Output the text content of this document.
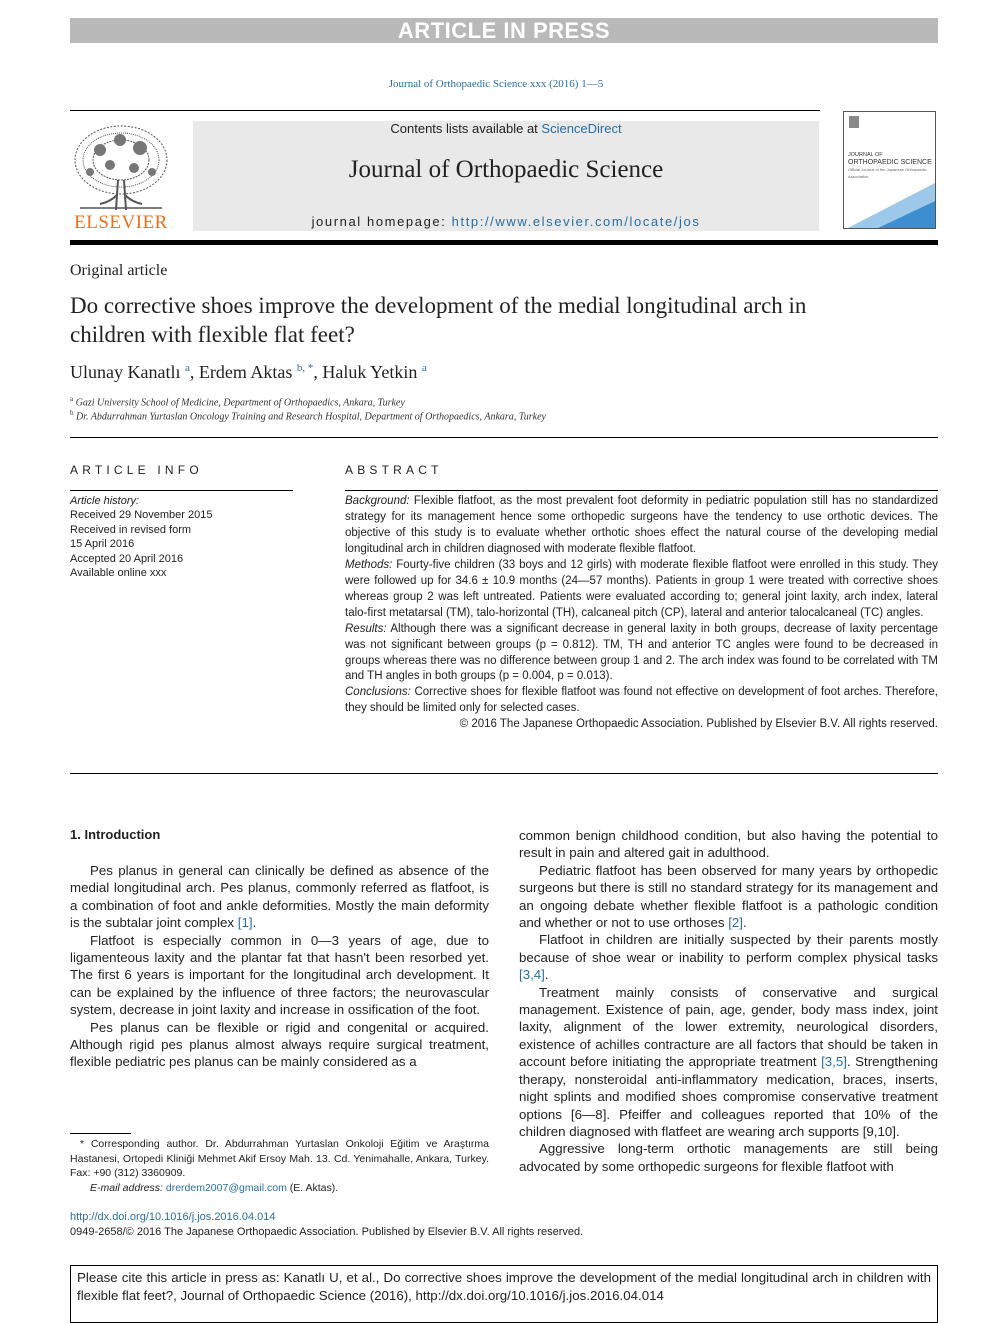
ARTICLE IN PRESS
Journal of Orthopaedic Science xxx (2016) 1—5
ELSEVIER
Contents lists available at ScienceDirect
Journal of Orthopaedic Science
journal homepage: http://www.elsevier.com/locate/jos
JOURNAL OF
ORTHOPAEDIC SCIENCE
Official Journal of the Japanese Orthopaedic Association
Original article
Do corrective shoes improve the development of the medial longitudinal arch in children with flexible flat feet?
Ulunay Kanatlı $^a$, Erdem Aktas $^{b, *}$, Haluk Yetkin $^a$
$^a$ Gazi University School of Medicine, Department of Orthopaedics, Ankara, Turkey
$^b$ Dr. Abdurrahman Yurtaslan Oncology Training and Research Hospital, Department of Orthopaedics, Ankara, Turkey
ARTICLE INFO
Article history:
Received 29 November 2015
Received in revised form
15 April 2016
Accepted 20 April 2016
Available online xxx
ABSTRACT

Background: Flexible flatfoot, as the most prevalent foot deformity in pediatric population still has no standardized strategy for its management hence some orthopedic surgeons have the tendency to use orthotic devices. The objective of this study is to evaluate whether orthotic shoes effect the natural course of the developing medial longitudinal arch in children diagnosed with moderate flexible flatfoot.

Methods: Fourty-five children (33 boys and 12 girls) with moderate flexible flatfoot were enrolled in this study. They were followed up for 34.6 ± 10.9 months (24—57 months). Patients in group 1 were treated with corrective shoes whereas group 2 was left untreated. Patients were evaluated according to; general joint laxity, arch index, lateral talo-first metatarsal (TM), talo-horizontal (TH), calcaneal pitch (CP), lateral and anterior talocalcaneal (TC) angles.

Results: Although there was a significant decrease in general laxity in both groups, decrease of laxity percentage was not significant between groups (p = 0.812). TM, TH and anterior TC angles were found to be decreased in groups whereas there was no difference between group 1 and 2. The arch index was found to be correlated with TM and TH angles in both groups (p = 0.004, p = 0.013).

Conclusions: Corrective shoes for flexible flatfoot was found not effective on development of foot arches. Therefore, they should be limited only for selected cases.

© 2016 The Japanese Orthopaedic Association. Published by Elsevier B.V. All rights reserved.

1. Introduction

Pes planus in general can clinically be defined as absence of the medial longitudinal arch. Pes planus, commonly referred as flatfoot, is a combination of foot and ankle deformities. Mostly the main deformity is the subtalar joint complex [1].

Flatfoot is especially common in 0—3 years of age, due to ligamenteous laxity and the plantar fat that hasn't been resorbed yet. The first 6 years is important for the longitudinal arch development. It can be explained by the influence of three factors; the neurovascular system, decrease in joint laxity and increase in ossification of the foot.

Pes planus can be flexible or rigid and congenital or acquired. Although rigid pes planus almost always require surgical treatment, flexible pediatric pes planus can be mainly considered as a

common benign childhood condition, but also having the potential to result in pain and altered gait in adulthood.

Pediatric flatfoot has been observed for many years by orthopedic surgeons but there is still no standard strategy for its management and an ongoing debate whether flexible flatfoot is a pathologic condition and whether or not to use orthoses [2].

Flatfoot in children are initially suspected by their parents mostly because of shoe wear or inability to perform complex physical tasks [3,4].

Treatment mainly consists of conservative and surgical management. Existence of pain, age, gender, body mass index, joint laxity, alignment of the lower extremity, neurological disorders, existence of achilles contracture are all factors that should be taken in account before initiating the appropriate treatment [3,5]. Strengthening therapy, nonsteroidal anti-inflammatory medication, braces, inserts, night splints and modified shoes compromise conservative treatment options [6—8]. Pfeiffer and colleagues reported that 10% of the children diagnosed with flatfeet are wearing arch supports [9,10].

Aggressive long-term orthotic managements are still being advocated by some orthopedic surgeons for flexible flatfoot with

* Corresponding author. Dr. Abdurrahman Yurtaslan Onkoloji Eğitim ve Araştırma Hastanesi, Ortopedi Kliniği Mehmet Akif Ersoy Mah. 13. Cd. Yenimahalle, Ankara, Turkey. Fax: +90 (312) 3360909.
E-mail address: drerdem2007@gmail.com (E. Aktas).
http://dx.doi.org/10.1016/j.jos.2016.04.014
0949-2658/© 2016 The Japanese Orthopaedic Association. Published by Elsevier B.V. All rights reserved.
Please cite this article in press as: Kanatlı U, et al., Do corrective shoes improve the development of the medial longitudinal arch in children with flexible flat feet?, Journal of Orthopaedic Science (2016), http://dx.doi.org/10.1016/j.jos.2016.04.014
